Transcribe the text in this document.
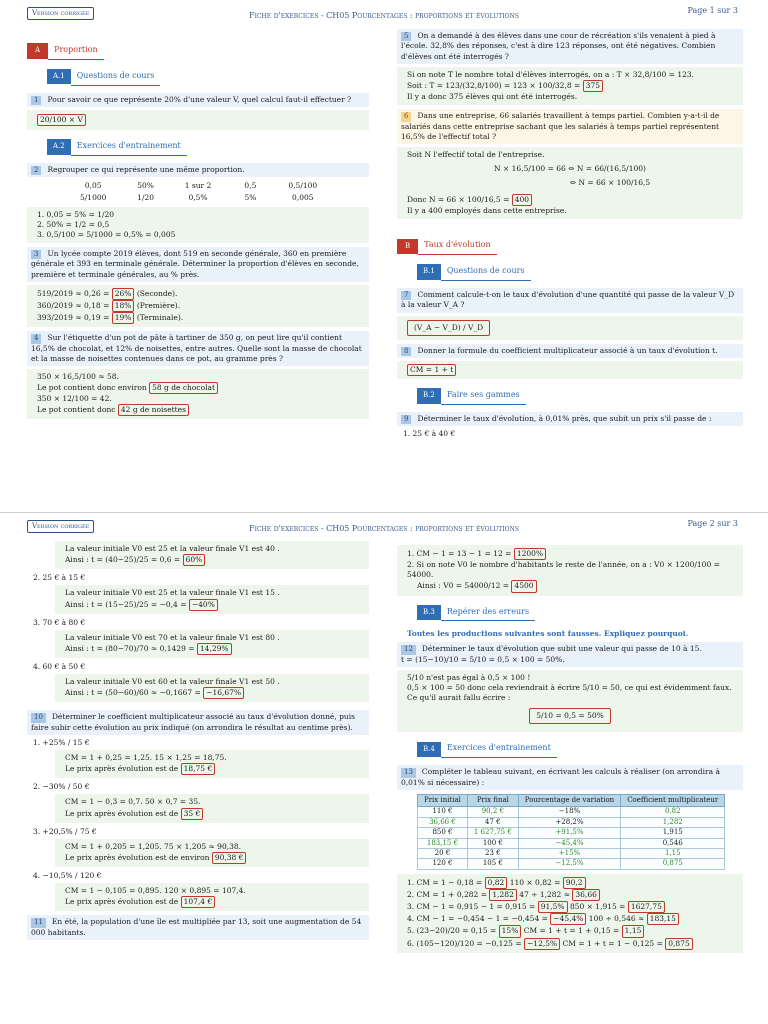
Version corrigée	Fiche d'exercices - CH05 Pourcentages : proportions et évolutions
Page 1 sur 3
A	Proportion

A.1	Questions de cours
1 Pour savoir ce que représente 20% d'une valeur V, quel calcul faut-il effectuer ?
20/100 × V
A.2	Exercices d'entrainement
2 Regrouper ce qui représente une même proportion.
0,05	50%	1 sur 2	0,5	0,5/100
5/1000	1/20	0,5%	5%	0,005
1. 0,05 = 5% = 1/20
2. 50% = 1/2 = 0,5
3. 0,5/100 = 5/1000 = 0,5% = 0,005
3 Un lycée compte 2019 élèves, dont 519 en seconde générale, 360 en première générale et 393 en terminale générale. Déterminer la proportion d'élèves en seconde, première et terminale générales, au % près.
519/2019 ≈ 0,26 = 26% (Seconde).
360/2019 ≈ 0,18 = 18% (Première).
393/2019 ≈ 0,19 = 19% (Terminale).
4 Sur l'étiquette d'un pot de pâte à tartiner de 350 g, on peut lire qu'il contient 16,5% de chocolat, et 12% de noisettes, entre autres. Quelle sont la masse de chocolat et la masse de noisettes contenues dans ce pot, au gramme près ?
350 × 16,5/100 ≈ 58.
Le pot contient donc environ 58 g de chocolat
350 × 12/100 = 42.
Le pot contient donc 42 g de noisettes
5 On a demandé à des élèves dans une cour de récréation s'ils venaient à pied à l'école. 32,8% des réponses, c'est à dire 123 réponses, ont été négatives. Combien d'élèves ont été interrogés ?
Si on note T le nombre total d'élèves interrogés, on a : T × 32,8/100 = 123.
Soit : T = 123/(32,8/100) = 123 × 100/32,8 = 375
Il y a donc 375 élèves qui ont été interrogés.
6 Dans une entreprise, 66 salariés travaillent à temps partiel. Combien y-a-t-il de salariés dans cette entreprise sachant que les salariés à temps partiel représentent 16,5% de l'effectif total ?
Soit N l'effectif total de l'entreprise.
N × 16,5/100 = 66 ⇔ N = 66/(16,5/100)
⇔ N = 66 × 100/16,5
Donc N = 66 × 100/16,5 = 400
Il y a 400 employés dans cette entreprise.
B	Taux d'évolution

B.1	Questions de cours
7 Comment calcule-t-on le taux d'évolution d'une quantité qui passe de la valeur V_D à la valeur V_A ?
(V_A − V_D) / V_D
8 Donner la formule du coefficient multiplicateur associé à un taux d'évolution t.
CM = 1 + t
B.2	Faire ses gammes
9 Déterminer le taux d'évolution, à 0,01% près, que subit un prix s'il passe de :
1. 25 € à 40 €
Version corrigée	Fiche d'exercices - CH05 Pourcentages : proportions et évolutions
Page 2 sur 3
La valeur initiale V0 est 25 et la valeur finale V1 est 40 .
Ainsi : t = (40−25)/25 = 0,6 = 60%
2. 25 € à 15 €
La valeur initiale V0 est 25 et la valeur finale V1 est 15 .
Ainsi : t = (15−25)/25 = −0,4 = −40%
3. 70 € à 80 €
La valeur initiale V0 est 70 et la valeur finale V1 est 80 .
Ainsi : t = (80−70)/70 ≈ 0,1429 = 14,29%
4. 60 € à 50 €
La valeur initiale V0 est 60 et la valeur finale V1 est 50 .
Ainsi : t = (50−60)/60 ≈ −0,1667 = −16,67%
10 Déterminer le coefficient multiplicateur associé au taux d'évolution donné, puis faire subir cette évolution au prix indiqué (on arrondira le résultat au centime près).
1. +25% / 15 €
CM = 1 + 0,25 = 1,25. 15 × 1,25 = 18,75.
Le prix après évolution est de 18,75 €
2. −30% / 50 €
CM = 1 − 0,3 = 0,7. 50 × 0,7 = 35.
Le prix après évolution est de 35 €
3. +20,5% / 75 €
CM = 1 + 0,205 = 1,205. 75 × 1,205 ≈ 90,38.
Le prix après évolution est de environ 90,38 €
4. −10,5% / 120 €
CM = 1 − 0,105 = 0,895. 120 × 0,895 = 107,4.
Le prix après évolution est de 107,4 €
11 En été, la population d'une île est multipliée par 13, soit une augmentation de 54 000 habitants.
1. CM − 1 = 13 − 1 = 12 = 1200%
2. Si on note V0 le nombre d'habitants le reste de l'année, on a : V0 × 1200/100 = 54000.
Ainsi : V0 = 54000/12 = 4500
B.3	Repérer des erreurs
Toutes les productions suivantes sont fausses. Expliquez pourquoi.
12 Déterminer le taux d'évolution que subit une valeur qui passe de 10 à 15.
t = (15−10)/10 = 5/10 = 0,5 × 100 = 50%.
5/10 n'est pas égal à 0,5 × 100 !
0,5 × 100 = 50 donc cela reviendrait à écrire 5/10 = 50, ce qui est évidemment faux.
Ce qu'il aurait fallu écrire :
5/10 = 0,5 = 50%
B.4	Exercices d'entrainement
13 Compléter le tableau suivant, en écrivant les calculs à réaliser (on arrondira à 0,01% si nécessaire) :
Prix initial	Prix final	Pourcentage de variation	Coefficient multiplicateur
110 €	90,2 €	−18%	0,82
36,66 €	47 €	+28,2%	1,282
850 €	1 627,75 €	+91,5%	1,915
183,15 €	100 €	−45,4%	0,546
20 €	23 €	+15%	1,15
120 €	105 €	−12,5%	0,875
1. CM = 1 − 0,18 = 0,82 110 × 0,82 = 90,2
2. CM = 1 + 0,282 = 1,282 47 ÷ 1,282 ≈ 36,66
3. CM − 1 = 0,915 − 1 = 0,915 = 91,5% 850 × 1,915 = 1627,75
4. CM − 1 = −0,454 − 1 = −0,454 = −45,4% 100 ÷ 0,546 ≈ 183,15
5. (23−20)/20 = 0,15 = 15% CM = 1 + t = 1 + 0,15 = 1,15
6. (105−120)/120 = −0,125 = −12,5% CM = 1 + t = 1 − 0,125 = 0,875
